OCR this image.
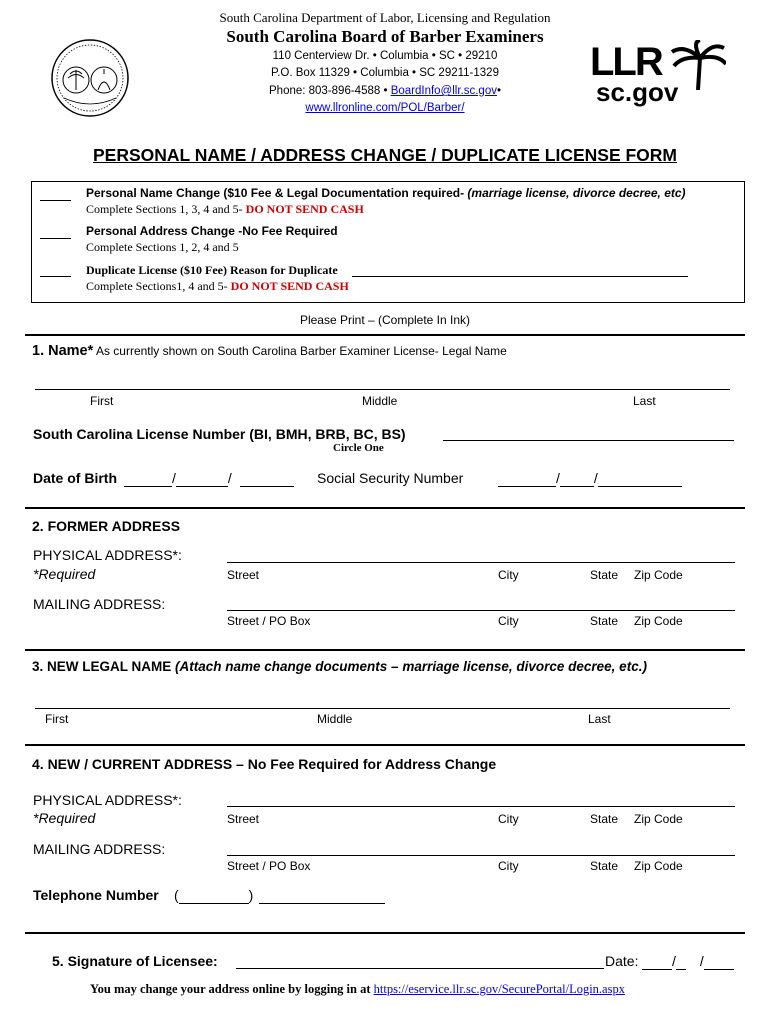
South Carolina Department of Labor, Licensing and Regulation
South Carolina Board of Barber Examiners
110 Centerview Dr. • Columbia • SC • 29210
P.O. Box 11329 • Columbia • SC 29211-1329
Phone: 803-896-4588 • BoardInfo@llr.sc.gov•
www.llronline.com/POL/Barber/
LLR
sc.gov
PERSONAL NAME / ADDRESS CHANGE / DUPLICATE LICENSE FORM
Personal Name Change ($10 Fee & Legal Documentation required- (marriage license, divorce decree, etc)
Complete Sections 1, 3, 4 and 5- DO NOT SEND CASH
Personal Address Change -No Fee Required
Complete Sections 1, 2, 4 and 5
Duplicate License ($10 Fee) Reason for Duplicate
Complete Sections1, 4 and 5- DO NOT SEND CASH
Please Print – (Complete In Ink)
1. Name* As currently shown on South Carolina Barber Examiner License- Legal Name
First	Middle	Last
South Carolina License Number (BI, BMH, BRB, BC, BS)
Circle One
Date of Birth	/	/	Social Security Number	/ /
2. FORMER ADDRESS
PHYSICAL ADDRESS*:
*Required	Street	City	State Zip Code
MAILING ADDRESS:
Street / PO Box	City	State Zip Code
3. NEW LEGAL NAME (Attach name change documents – marriage license, divorce decree, etc.)
First	Middle	Last
4. NEW / CURRENT ADDRESS – No Fee Required for Address Change
PHYSICAL ADDRESS*:
*Required	Street	City	State Zip Code
MAILING ADDRESS:
Street / PO Box	City	State Zip Code
Telephone Number (	)
5. Signature of Licensee:	Date:	/ /
You may change your address online by logging in at https://eservice.llr.sc.gov/SecurePortal/Login.aspx
